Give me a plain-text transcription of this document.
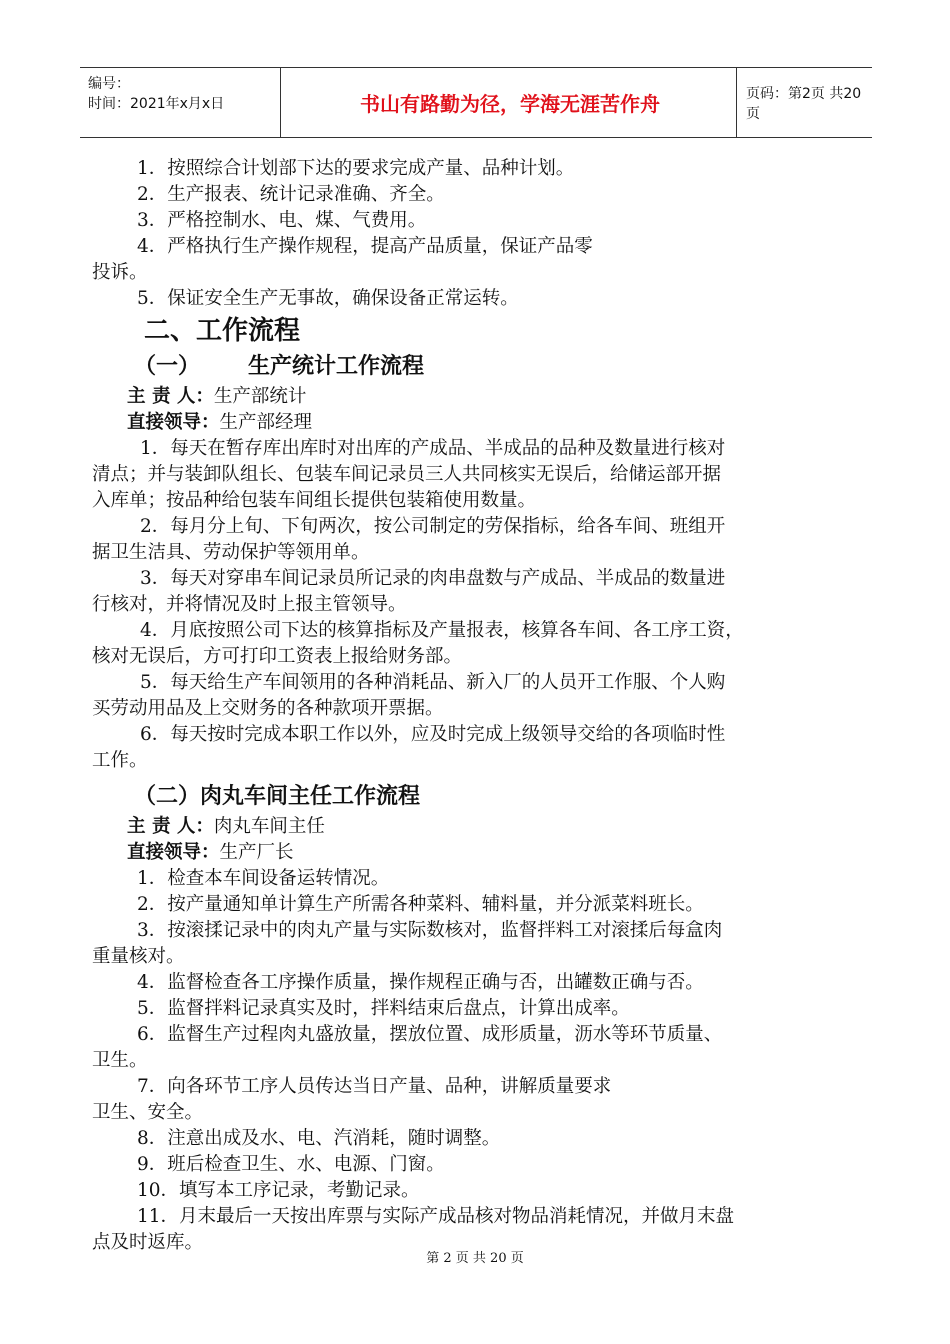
编号：
时间：2021年x月x日	书山有路勤为径，学海无涯苦作舟	页码：第2页 共20页
1．按照综合计划部下达的要求完成产量、品种计划。
2．生产报表、统计记录准确、齐全。
3．严格控制水、电、煤、气费用。
4．严格执行生产操作规程，提高产品质量，保证产品零
投诉。
5．保证安全生产无事故，确保设备正常运转。
二、工作流程
（一） 生产统计工作流程
主 责 人：生产部统计
直接领导：生产部经理
1．每天在暂存库出库时对出库的产成品、半成品的品种及数量进行核对
清点；并与装卸队组长、包装车间记录员三人共同核实无误后，给储运部开据
入库单；按品种给包装车间组长提供包装箱使用数量。
2．每月分上旬、下旬两次，按公司制定的劳保指标，给各车间、班组开
据卫生洁具、劳动保护等领用单。
3．每天对穿串车间记录员所记录的肉串盘数与产成品、半成品的数量进
行核对，并将情况及时上报主管领导。
4．月底按照公司下达的核算指标及产量报表，核算各车间、各工序工资，
核对无误后，方可打印工资表上报给财务部。
5．每天给生产车间领用的各种消耗品、新入厂的人员开工作服、个人购
买劳动用品及上交财务的各种款项开票据。
6．每天按时完成本职工作以外，应及时完成上级领导交给的各项临时性
工作。
（二）肉丸车间主任工作流程
主 责 人：肉丸车间主任
直接领导：生产厂长
1．检查本车间设备运转情况。
2．按产量通知单计算生产所需各种菜料、辅料量，并分派菜料班长。
3．按滚揉记录中的肉丸产量与实际数核对，监督拌料工对滚揉后每盒肉
重量核对。
4．监督检查各工序操作质量，操作规程正确与否，出罐数正确与否。
5．监督拌料记录真实及时，拌料结束后盘点，计算出成率。
6．监督生产过程肉丸盛放量，摆放位置、成形质量，沥水等环节质量、
卫生。
7．向各环节工序人员传达当日产量、品种，讲解质量要求
卫生、安全。
8．注意出成及水、电、汽消耗，随时调整。
9．班后检查卫生、水、电源、门窗。
10．填写本工序记录，考勤记录。
11．月末最后一天按出库票与实际产成品核对物品消耗情况，并做月末盘
点及时返库。
第 2 页 共 20 页
